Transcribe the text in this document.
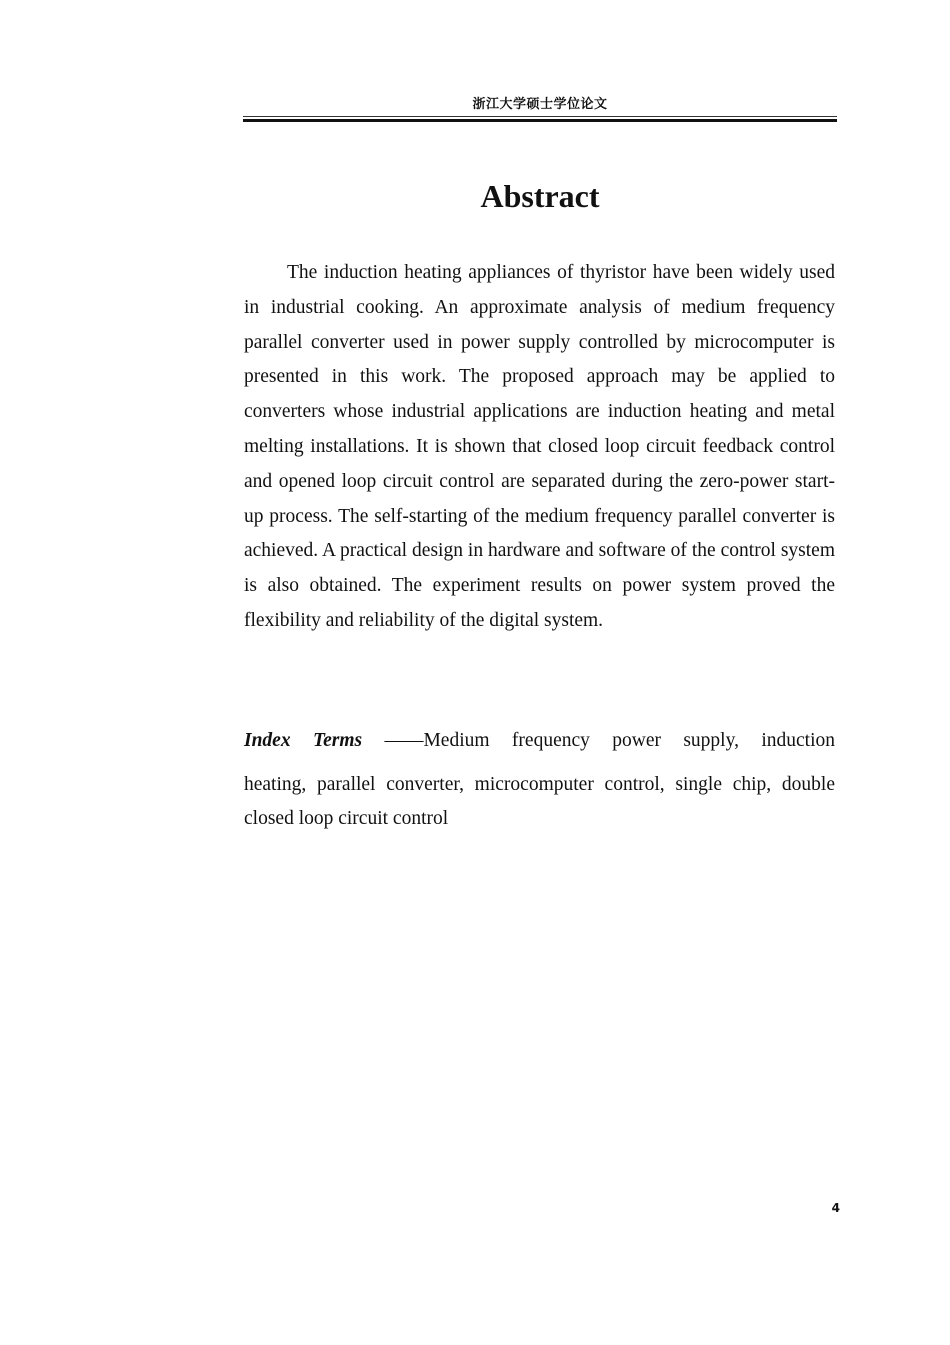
浙江大学硕士学位论文
Abstract

The induction heating appliances of thyristor have been widely used in industrial cooking. An approximate analysis of medium frequency parallel converter used in power supply controlled by microcomputer is presented in this work. The proposed approach may be applied to converters whose industrial applications are induction heating and metal melting installations. It is shown that closed loop circuit feedback control and opened loop circuit control are separated during the zero-power start-up process. The self-starting of the medium frequency parallel converter is achieved. A practical design in hardware and software of the control system is also obtained. The experiment results on power system proved the flexibility and reliability of the digital system.

Index Terms ——Medium frequency power supply, induction
heating, parallel converter, microcomputer control, single chip, double closed loop circuit control
4
